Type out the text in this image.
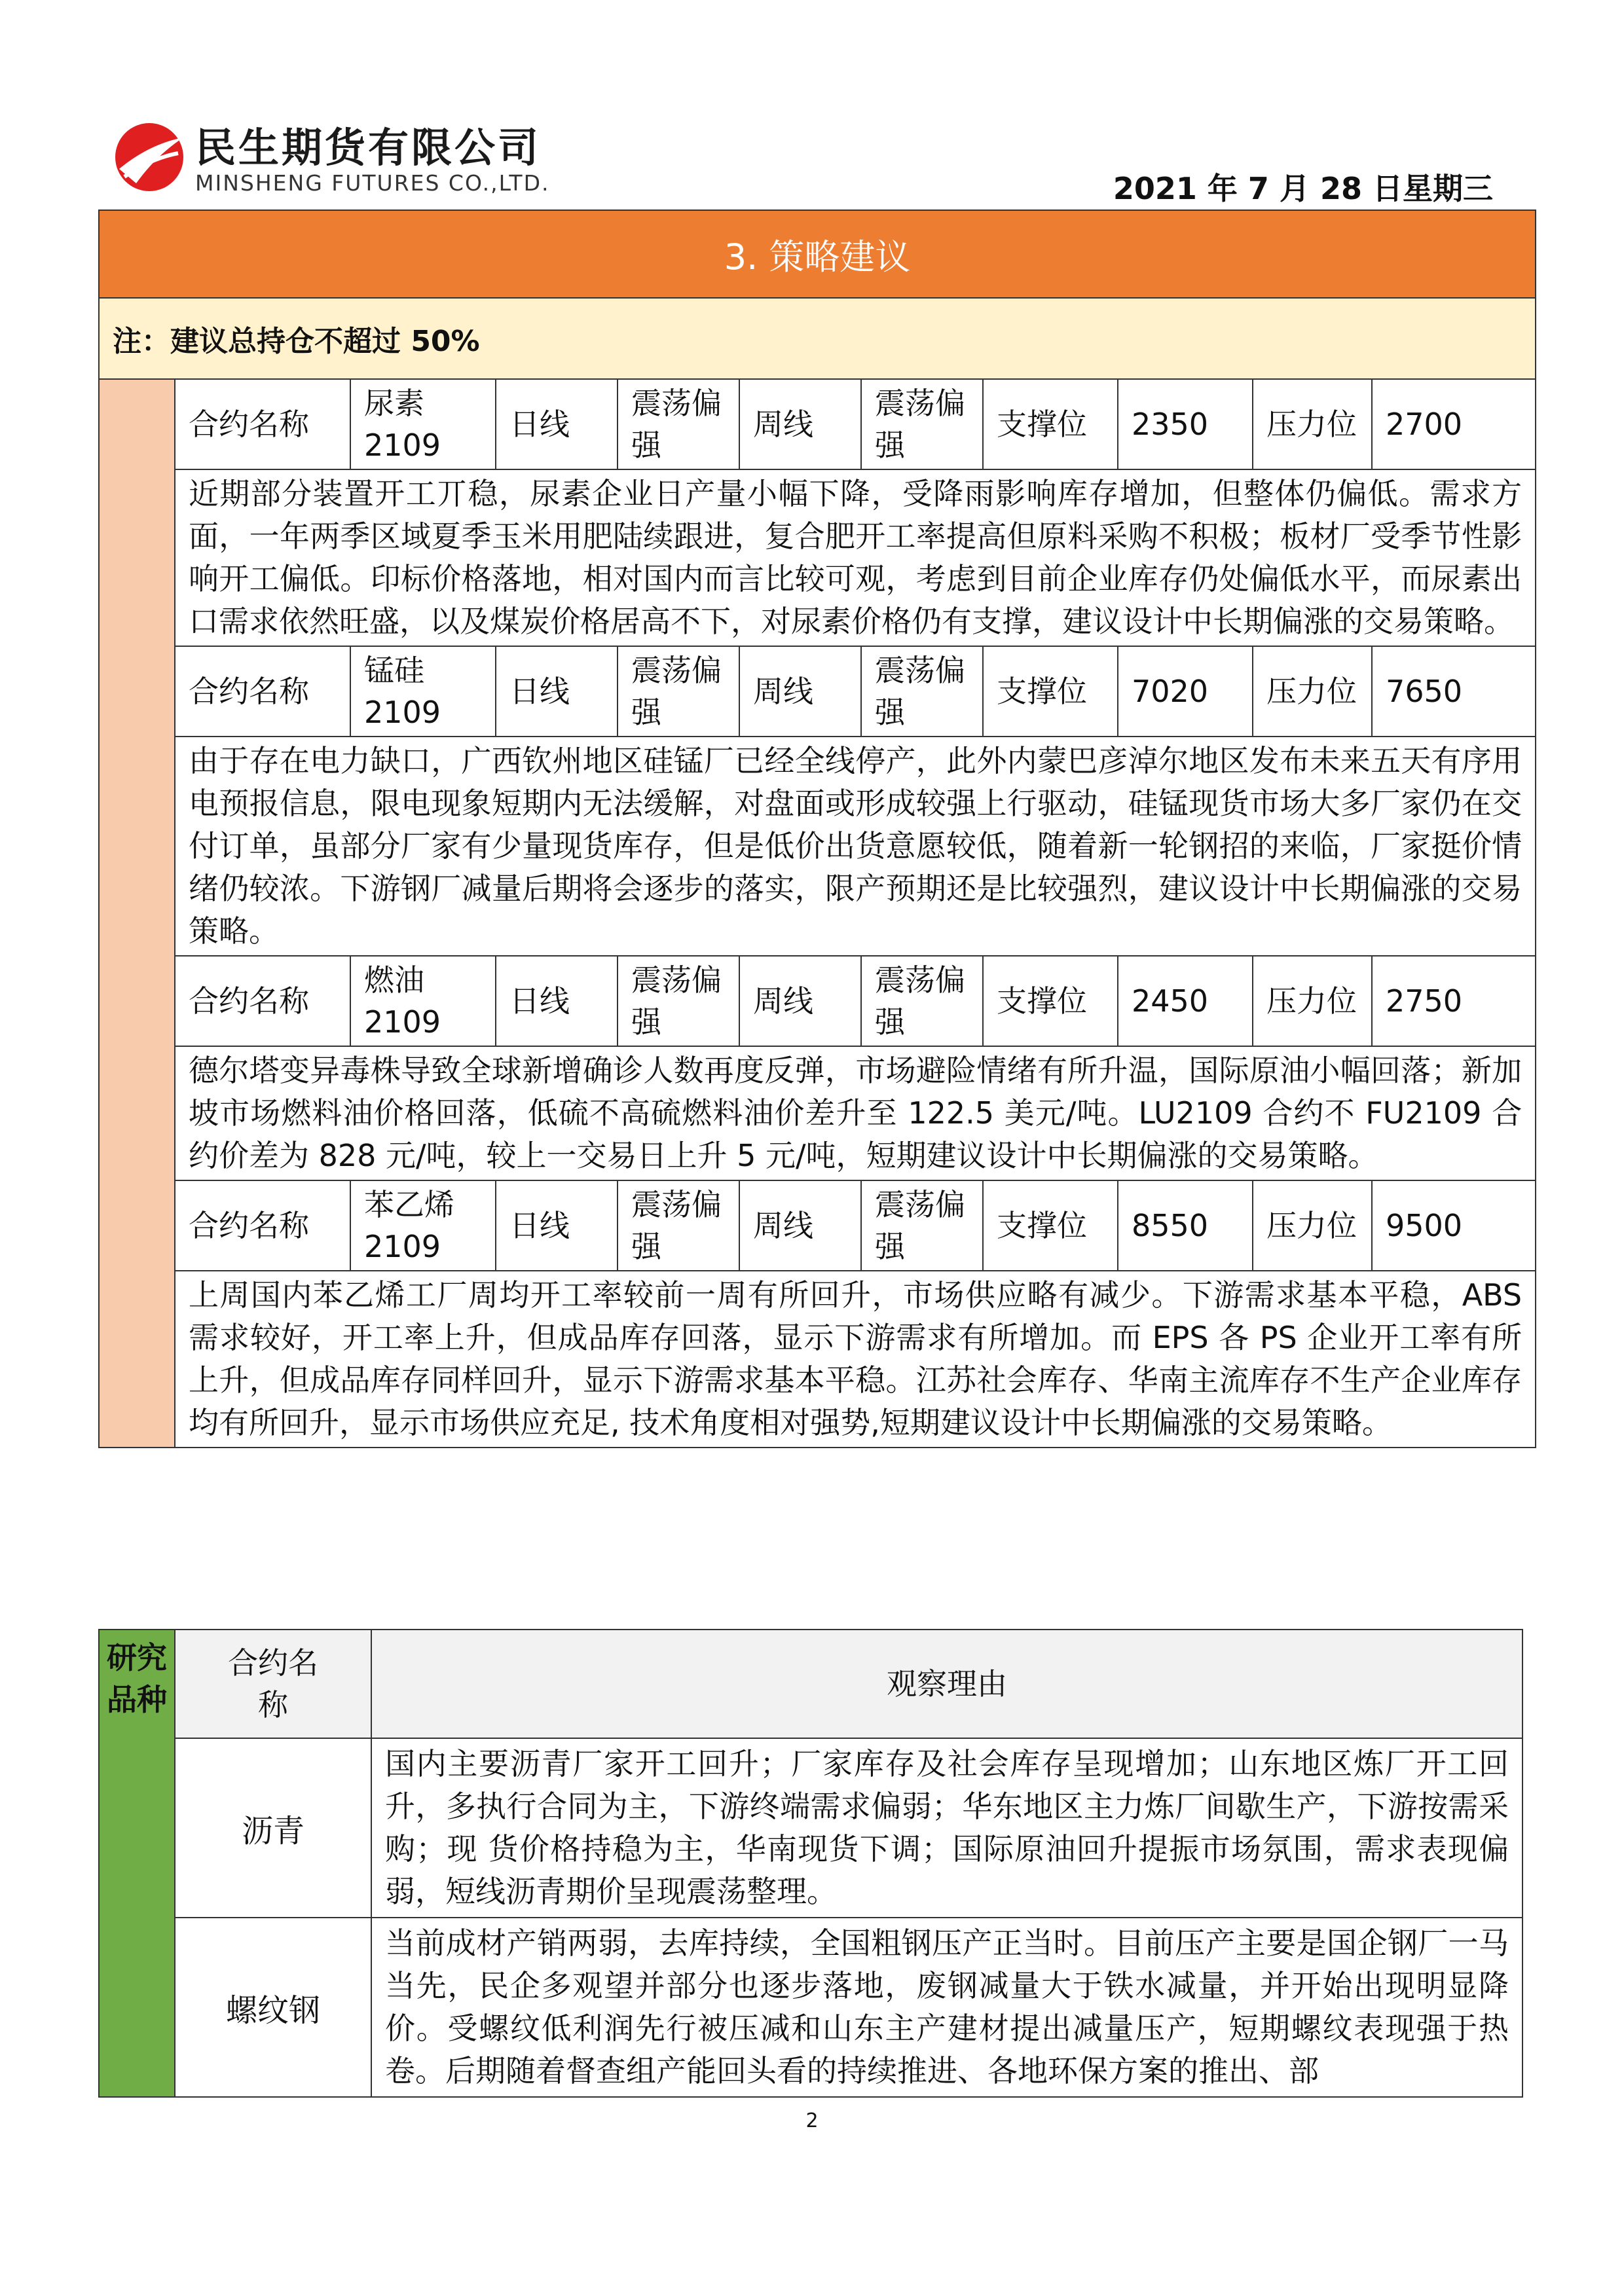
民生期货有限公司
MINSHENG FUTURES CO.,LTD.	2021 年 7 月 28 日星期三
3. 策略建议										
注：建议总持仓不超过 50%										
	合约名称	尿素 2109	日线	震荡偏强	周线	震荡偏强	支撑位	2350	压力位	2700
	近期部分装置开工丌稳，尿素企业日产量小幅下降，受降雨影响库存增加，但整体仍偏低。需求方面，一年两季区域夏季玉米用肥陆续跟进，复合肥开工率提高但原料采购不积极；板材厂受季节性影响开工偏低。印标价格落地，相对国内而言比较可观，考虑到目前企业库存仍处偏低水平，而尿素出口需求依然旺盛，以及煤炭价格居高不下，对尿素价格仍有支撑，建议设计中长期偏涨的交易策略。									
	合约名称	锰硅 2109	日线	震荡偏强	周线	震荡偏强	支撑位	7020	压力位	7650
	由于存在电力缺口，广西钦州地区硅锰厂已经全线停产，此外内蒙巴彦淖尔地区发布未来五天有序用电预报信息，限电现象短期内无法缓解，对盘面或形成较强上行驱动，硅锰现货市场大多厂家仍在交付订单，虽部分厂家有少量现货库存，但是低价出货意愿较低，随着新一轮钢招的来临，厂家挺价情绪仍较浓。下游钢厂减量后期将会逐步的落实，限产预期还是比较强烈，建议设计中长期偏涨的交易策略。									
	合约名称	燃油 2109	日线	震荡偏强	周线	震荡偏强	支撑位	2450	压力位	2750
	德尔塔变异毒株导致全球新增确诊人数再度反弹，市场避险情绪有所升温，国际原油小幅回落；新加坡市场燃料油价格回落，低硫不高硫燃料油价差升至 122.5 美元/吨。LU2109 合约不 FU2109 合约价差为 828 元/吨，较上一交易日上升 5 元/吨，短期建议设计中长期偏涨的交易策略。									
	合约名称	苯乙烯 2109	日线	震荡偏强	周线	震荡偏强	支撑位	8550	压力位	9500
	上周国内苯乙烯工厂周均开工率较前一周有所回升，市场供应略有减少。下游需求基本平稳，ABS 需求较好，开工率上升，但成品库存回落，显示下游需求有所增加。而 EPS 各 PS 企业开工率有所上升，但成品库存同样回升，显示下游需求基本平稳。江苏社会库存、华南主流库存不生产企业库存均有所回升，显示市场供应充足, 技术角度相对强势,短期建议设计中长期偏涨的交易策略。									
研究品种	合约名称	观察理由
	沥青	国内主要沥青厂家开工回升；厂家库存及社会库存呈现增加；山东地区炼厂开工回升，多执行合同为主，下游终端需求偏弱；华东地区主力炼厂间歇生产，下游按需采购；现 货价格持稳为主，华南现货下调；国际原油回升提振市场氛围，需求表现偏弱，短线沥青期价呈现震荡整理。
	螺纹钢	当前成材产销两弱，去库持续，全国粗钢压产正当时。目前压产主要是国企钢厂一马当先，民企多观望并部分也逐步落地，废钢减量大于铁水减量，并开始出现明显降价。受螺纹低利润先行被压减和山东主产建材提出减量压产，短期螺纹表现强于热卷。后期随着督查组产能回头看的持续推进、各地环保方案的推出、部
2
